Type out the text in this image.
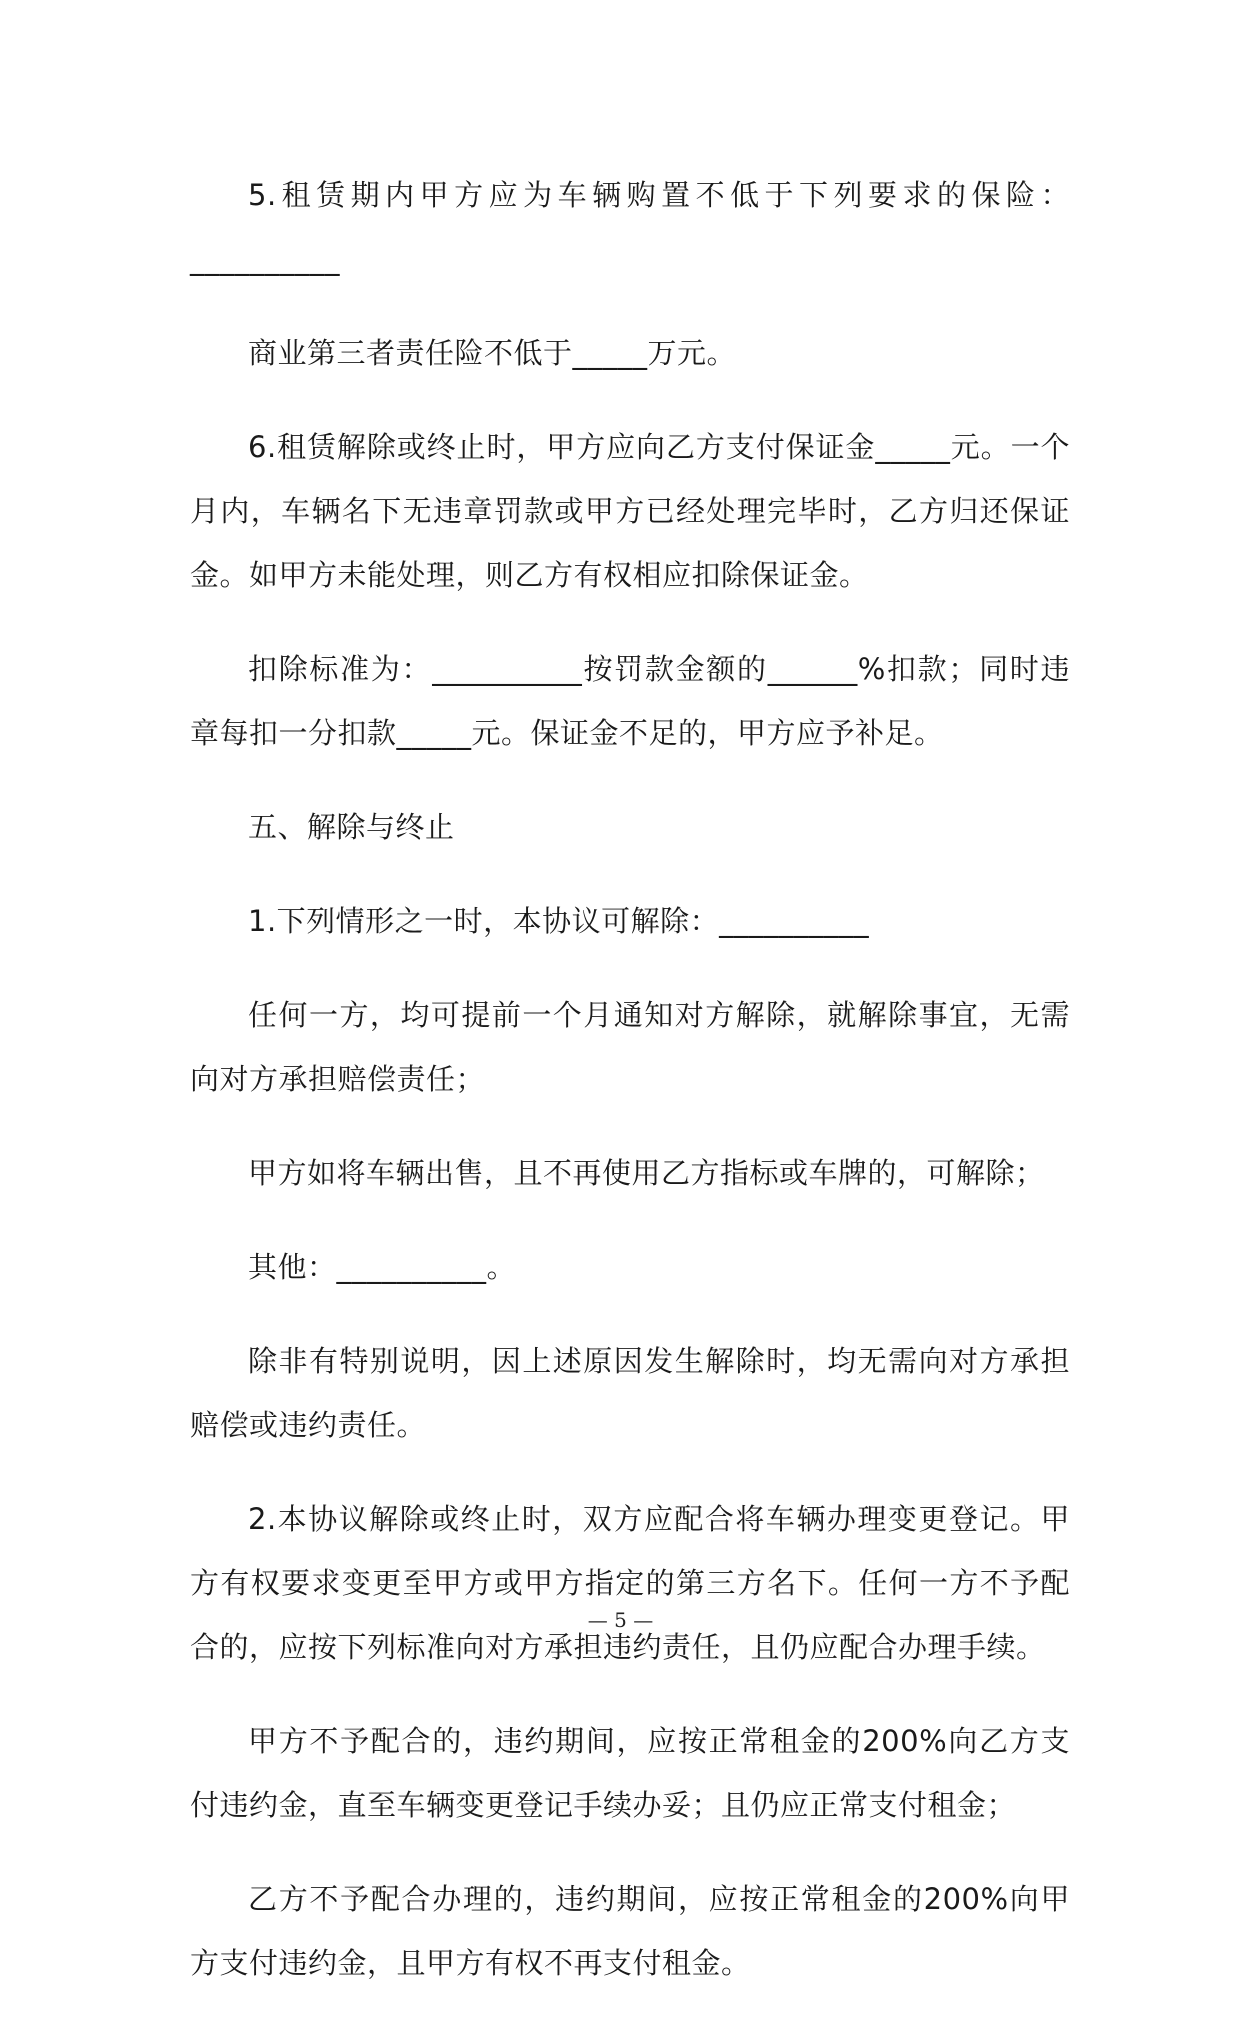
5.租赁期内甲方应为车辆购置不低于下列要求的保险：__________

商业第三者责任险不低于_____万元。

6.租赁解除或终止时，甲方应向乙方支付保证金_____元。一个月内，车辆名下无违章罚款或甲方已经处理完毕时，乙方归还保证金。如甲方未能处理，则乙方有权相应扣除保证金。

扣除标准为：__________按罚款金额的______%扣款；同时违章每扣一分扣款_____元。保证金不足的，甲方应予补足。

五、解除与终止

1.下列情形之一时，本协议可解除：__________

任何一方，均可提前一个月通知对方解除，就解除事宜，无需向对方承担赔偿责任；

甲方如将车辆出售，且不再使用乙方指标或车牌的，可解除；

其他：__________。

除非有特别说明，因上述原因发生解除时，均无需向对方承担赔偿或违约责任。

2.本协议解除或终止时，双方应配合将车辆办理变更登记。甲方有权要求变更至甲方或甲方指定的第三方名下。任何一方不予配合的，应按下列标准向对方承担违约责任，且仍应配合办理手续。

甲方不予配合的，违约期间，应按正常租金的200%向乙方支付违约金，直至车辆变更登记手续办妥；且仍应正常支付租金；

乙方不予配合办理的，违约期间，应按正常租金的200%向甲方支付违约金，且甲方有权不再支付租金。

— 5 —
